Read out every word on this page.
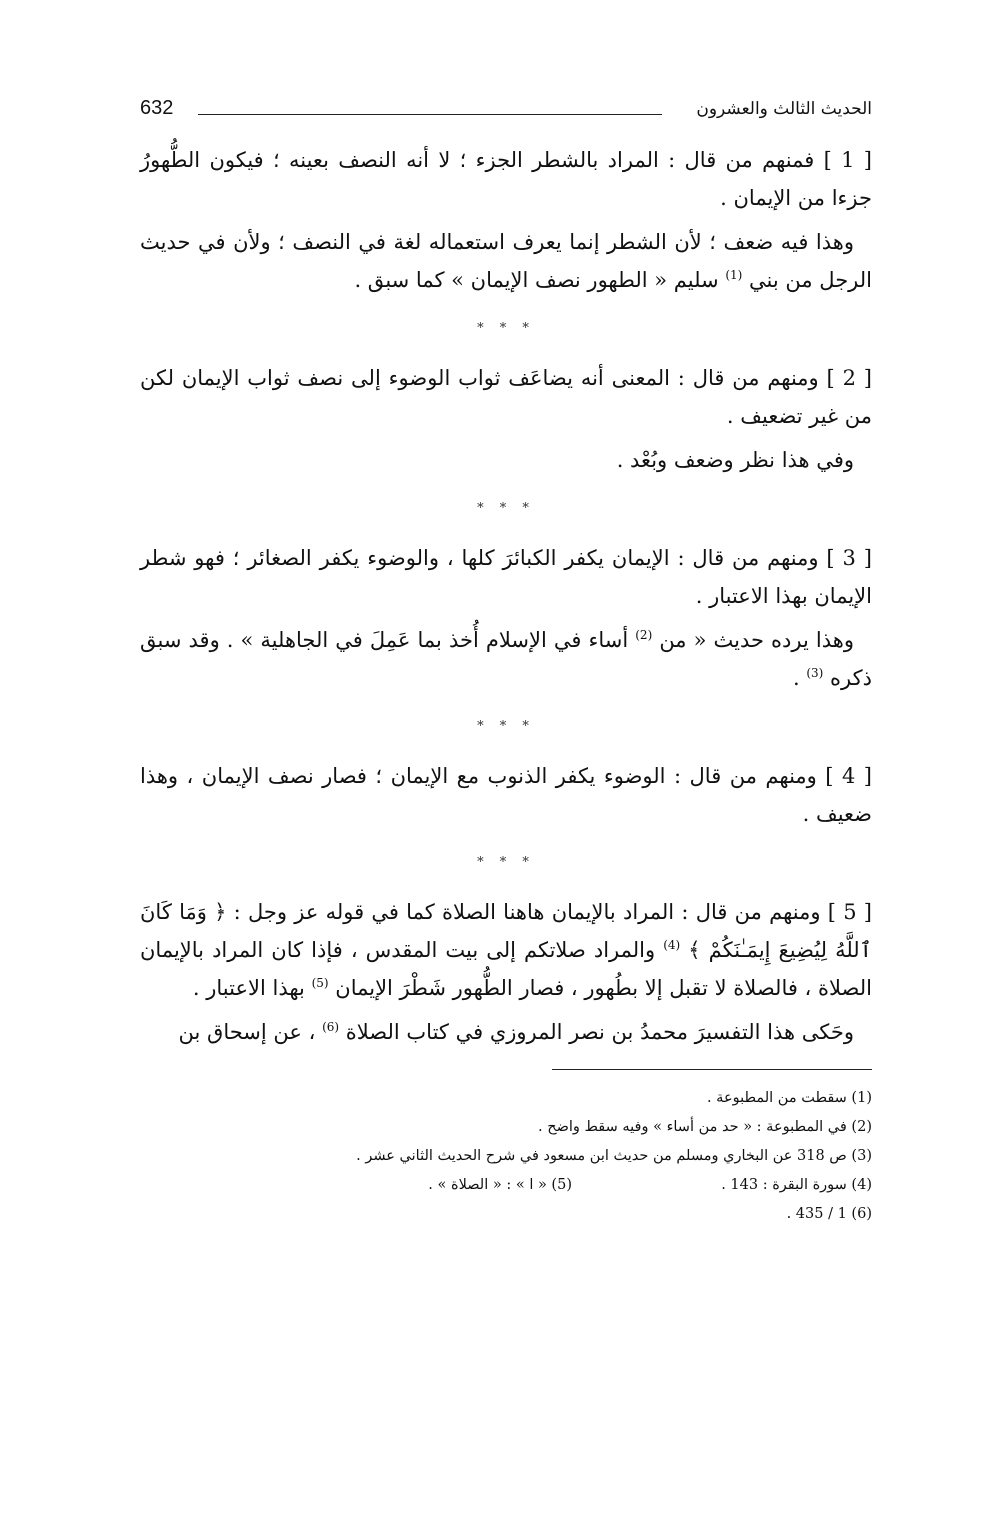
الحديث الثالث والعشرون
632

[ 1 ] فمنهم من قال : المراد بالشطر الجزء ؛ لا أنه النصف بعينه ؛ فيكون الطُّهورُ جزءا من الإيمان .

وهذا فيه ضعف ؛ لأن الشطر إنما يعرف استعماله لغة في النصف ؛ ولأن في حديث الرجل من بني $^{(1)}$ سليم « الطهور نصف الإيمان » كما سبق .

* * *

[ 2 ] ومنهم من قال : المعنى أنه يضاعَف ثواب الوضوء إلى نصف ثواب الإيمان لكن من غير تضعيف .

وفي هذا نظر وضعف وبُعْد .

* * *

[ 3 ] ومنهم من قال : الإيمان يكفر الكبائرَ كلها ، والوضوء يكفر الصغائر ؛ فهو شطر الإيمان بهذا الاعتبار .

وهذا يرده حديث « من $^{(2)}$ أساء في الإسلام أُخذ بما عَمِلَ في الجاهلية » . وقد سبق ذكره $^{(3)}$ .

* * *

[ 4 ] ومنهم من قال : الوضوء يكفر الذنوب مع الإيمان ؛ فصار نصف الإيمان ، وهذا ضعيف .

* * *

[ 5 ] ومنهم من قال : المراد بالإيمان هاهنا الصلاة كما في قوله عز وجل : ﴿ وَمَا كَانَ ٱللَّهُ لِيُضِيعَ إِيمَـٰنَكُمْ ﴾ $^{(4)}$ والمراد صلاتكم إلى بيت المقدس ، فإذا كان المراد بالإيمان الصلاة ، فالصلاة لا تقبل إلا بطُهور ، فصار الطُّهور شَطْرَ الإيمان $^{(5)}$ بهذا الاعتبار .

وحَكى هذا التفسيرَ محمدُ بن نصر المروزي في كتاب الصلاة $^{(6)}$ ، عن إسحاق بن

(1) سقطت من المطبوعة .
(2) في المطبوعة : « حد من أساء » وفيه سقط واضح .
(3) ص 318 عن البخاري ومسلم من حديث ابن مسعود في شرح الحديث الثاني عشر .
(4) سورة البقرة : 143 .
(5) « ا » : « الصلاة » .
(6) 1 / 435 .
